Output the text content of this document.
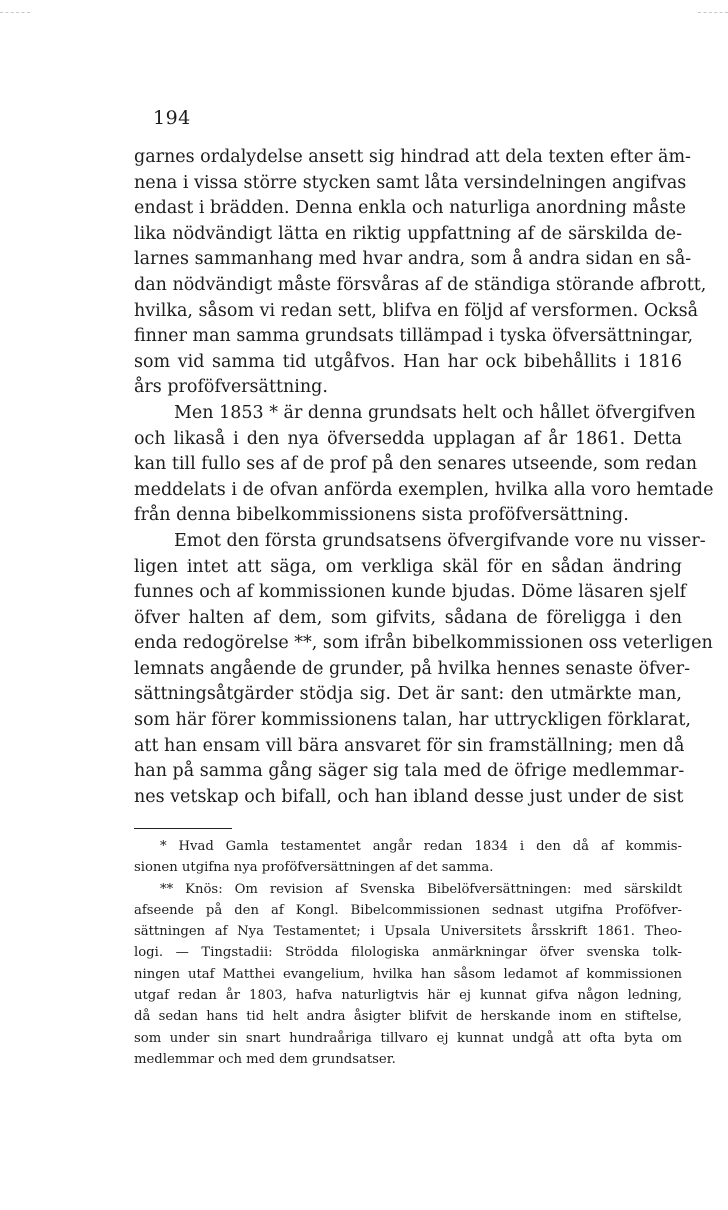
194
garnes ordalydelse ansett sig hindrad att dela texten efter äm-
nena i vissa större stycken samt låta versindelningen angifvas
endast i brädden. Denna enkla och naturliga anordning måste
lika nödvändigt lätta en riktig uppfattning af de särskilda de-
larnes sammanhang med hvar andra, som å andra sidan en så-
dan nödvändigt måste försvåras af de ständiga störande afbrott,
hvilka, såsom vi redan sett, blifva en följd af versformen. Också
finner man samma grundsats tillämpad i tyska öfversättningar,
som vid samma tid utgåfvos. Han har ock bibehållits i 1816
års proföfversättning.
Men 1853 * är denna grundsats helt och hållet öfvergifven
och likaså i den nya öfversedda upplagan af år 1861. Detta
kan till fullo ses af de prof på den senares utseende, som redan
meddelats i de ofvan anförda exemplen, hvilka alla voro hemtade
från denna bibelkommissionens sista proföfversättning.
Emot den första grundsatsens öfvergifvande vore nu visser-
ligen intet att säga, om verkliga skäl för en sådan ändring
funnes och af kommissionen kunde bjudas. Döme läsaren sjelf
öfver halten af dem, som gifvits, sådana de föreligga i den
enda redogörelse **, som ifrån bibelkommissionen oss veterligen
lemnats angående de grunder, på hvilka hennes senaste öfver-
sättningsåtgärder stödja sig. Det är sant: den utmärkte man,
som här förer kommissionens talan, har uttryckligen förklarat,
att han ensam vill bära ansvaret för sin framställning; men då
han på samma gång säger sig tala med de öfrige medlemmar-
nes vetskap och bifall, och han ibland desse just under de sist
* Hvad Gamla testamentet angår redan 1834 i den då af kommis-
sionen utgifna nya proföfversättningen af det samma.
** Knös: Om revision af Svenska Bibelöfversättningen: med särskildt
afseende på den af Kongl. Bibelcommissionen sednast utgifna Proföfver-
sättningen af Nya Testamentet; i Upsala Universitets årsskrift 1861. Theo-
logi. — Tingstadii: Strödda filologiska anmärkningar öfver svenska tolk-
ningen utaf Matthei evangelium, hvilka han såsom ledamot af kommissionen
utgaf redan år 1803, hafva naturligtvis här ej kunnat gifva någon ledning,
då sedan hans tid helt andra åsigter blifvit de herskande inom en stiftelse,
som under sin snart hundraåriga tillvaro ej kunnat undgå att ofta byta om
medlemmar och med dem grundsatser.
